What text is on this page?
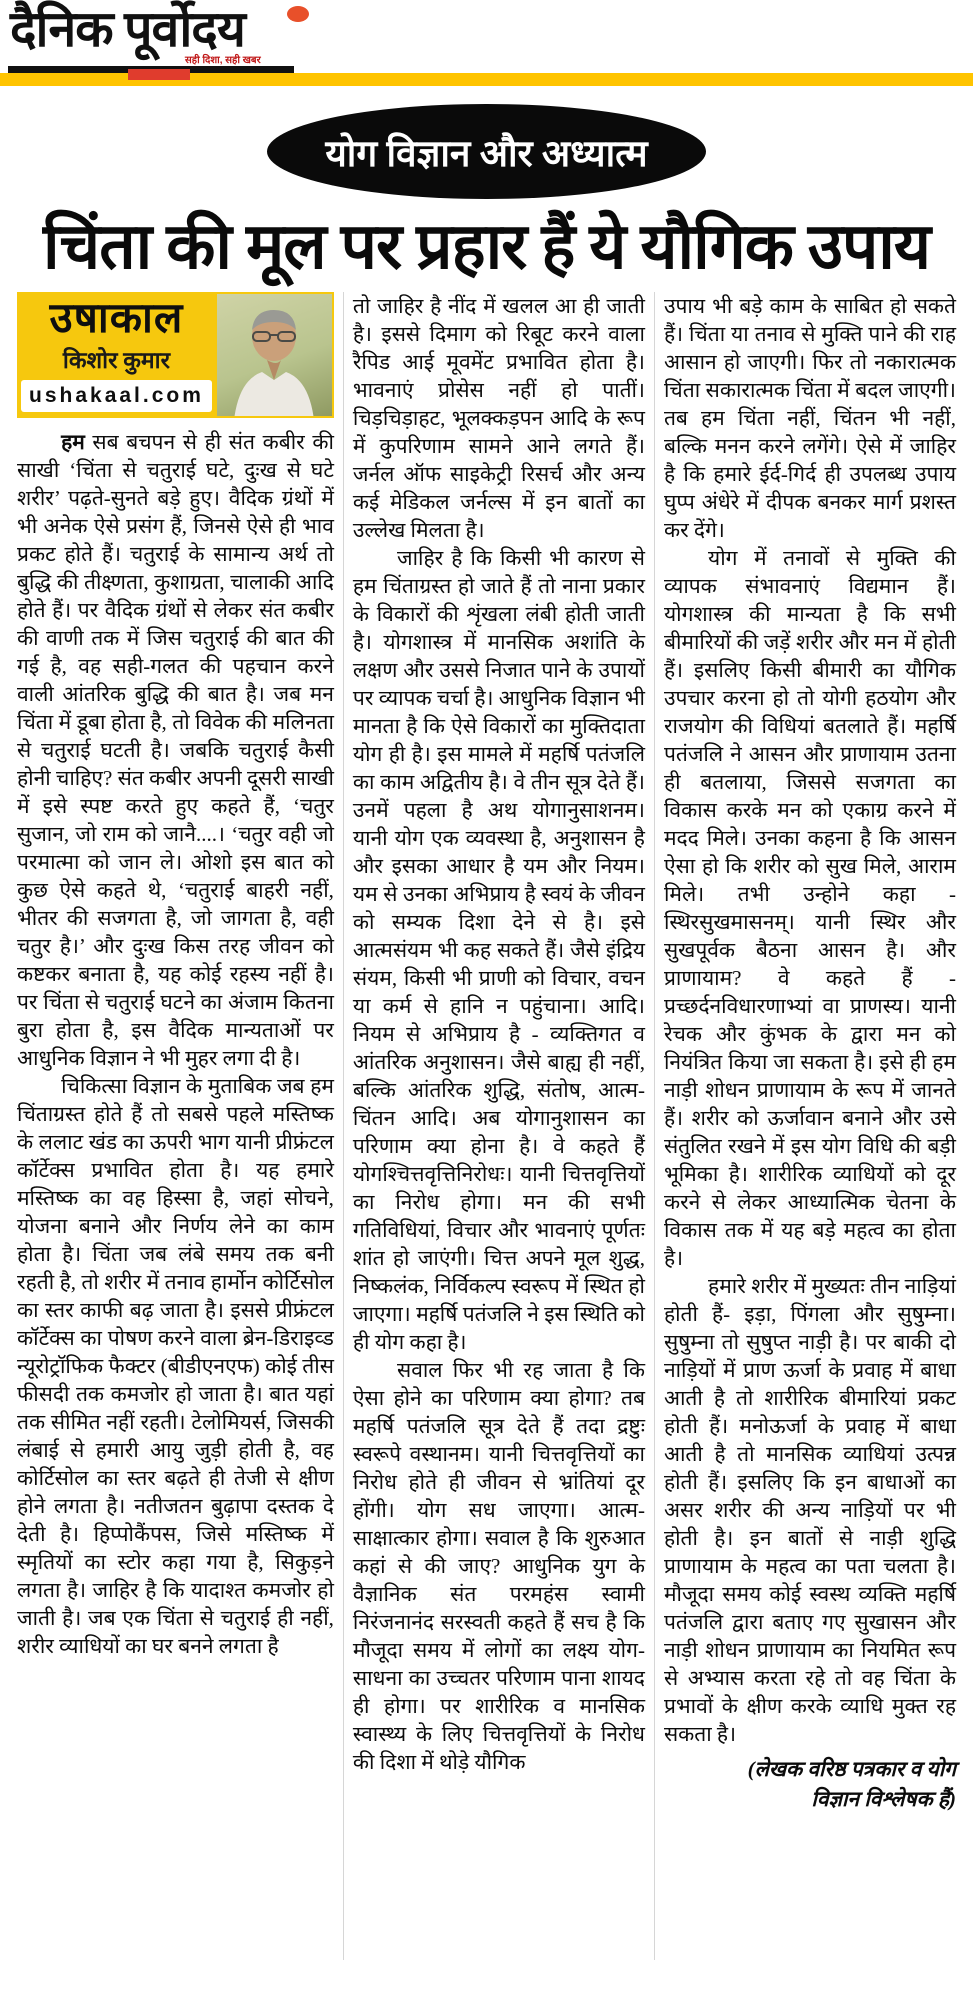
दैनिक पूर्वोदय
सही दिशा, सही खबर
योग विज्ञान और अध्यात्म
चिंता की मूल पर प्रहार हैं ये यौगिक उपाय
उषाकाल
किशोर कुमार
ushakaal.com

हम सब बचपन से ही संत कबीर की साखी ‘चिंता से चतुराई घटे, दुःख से घटे शरीर’ पढ़ते-सुनते बड़े हुए। वैदिक ग्रंथों में भी अनेक ऐसे प्रसंग हैं, जिनसे ऐसे ही भाव प्रकट होते हैं। चतुराई के सामान्य अर्थ तो बुद्धि की तीक्ष्णता, कुशाग्रता, चालाकी आदि होते हैं। पर वैदिक ग्रंथों से लेकर संत कबीर की वाणी तक में जिस चतुराई की बात की गई है, वह सही-गलत की पहचान करने वाली आंतरिक बुद्धि की बात है। जब मन चिंता में डूबा होता है, तो विवेक की मलिनता से चतुराई घटती है। जबकि चतुराई कैसी होनी चाहिए? संत कबीर अपनी दूसरी साखी में इसे स्पष्ट करते हुए कहते हैं, ‘चतुर सुजान, जो राम को जानै....। ‘चतुर वही जो परमात्मा को जान ले। ओशो इस बात को कुछ ऐसे कहते थे, ‘चतुराई बाहरी नहीं, भीतर की सजगता है, जो जागता है, वही चतुर है।’ और दुःख किस तरह जीवन को कष्टकर बनाता है, यह कोई रहस्य नहीं है। पर चिंता से चतुराई घटने का अंजाम कितना बुरा होता है, इस वैदिक मान्यताओं पर आधुनिक विज्ञान ने भी मुहर लगा दी है।

चिकित्सा विज्ञान के मुताबिक जब हम चिंताग्रस्त होते हैं तो सबसे पहले मस्तिष्क के ललाट खंड का ऊपरी भाग यानी प्रीफ्रंटल कॉर्टेक्स प्रभावित होता है। यह हमारे मस्तिष्क का वह हिस्सा है, जहां सोचने, योजना बनाने और निर्णय लेने का काम होता है। चिंता जब लंबे समय तक बनी रहती है, तो शरीर में तनाव हार्मोन कोर्टिसोल का स्तर काफी बढ़ जाता है। इससे प्रीफ्रंटल कॉर्टेक्स का पोषण करने वाला ब्रेन-डिराइव्ड न्यूरोट्रॉफिक फैक्टर (बीडीएनएफ) कोई तीस फीसदी तक कमजोर हो जाता है। बात यहां तक सीमित नहीं रहती। टेलोमियर्स, जिसकी लंबाई से हमारी आयु जुड़ी होती है, वह कोर्टिसोल का स्तर बढ़ते ही तेजी से क्षीण होने लगता है। नतीजतन बुढ़ापा दस्तक दे देती है। हिप्पोकैंपस, जिसे मस्तिष्क में स्मृतियों का स्टोर कहा गया है, सिकुड़ने लगता है। जाहिर है कि यादाश्त कमजोर हो जाती है। जब एक चिंता से चतुराई ही नहीं, शरीर व्याधियों का घर बनने लगता है

तो जाहिर है नींद में खलल आ ही जाती है। इससे दिमाग को रिबूट करने वाला रैपिड आई मूवमेंट प्रभावित होता है। भावनाएं प्रोसेस नहीं हो पातीं। चिड़चिड़ाहट, भूलक्कड़पन आदि के रूप में कुपरिणाम सामने आने लगते हैं। जर्नल ऑफ साइकेट्री रिसर्च और अन्य कई मेडिकल जर्नल्स में इन बातों का उल्लेख मिलता है।

जाहिर है कि किसी भी कारण से हम चिंताग्रस्त हो जाते हैं तो नाना प्रकार के विकारों की शृंखला लंबी होती जाती है। योगशास्त्र में मानसिक अशांति के लक्षण और उससे निजात पाने के उपायों पर व्यापक चर्चा है। आधुनिक विज्ञान भी मानता है कि ऐसे विकारों का मुक्तिदाता योग ही है। इस मामले में महर्षि पतंजलि का काम अद्वितीय है। वे तीन सूत्र देते हैं। उनमें पहला है अथ योगानुसाशनम। यानी योग एक व्यवस्था है, अनुशासन है और इसका आधार है यम और नियम। यम से उनका अभिप्राय है स्वयं के जीवन को सम्यक दिशा देने से है। इसे आत्मसंयम भी कह सकते हैं। जैसे इंद्रिय संयम, किसी भी प्राणी को विचार, वचन या कर्म से हानि न पहुंचाना। आदि। नियम से अभिप्राय है - व्यक्तिगत व आंतरिक अनुशासन। जैसे बाह्य ही नहीं, बल्कि आंतरिक शुद्धि, संतोष, आत्म-चिंतन आदि। अब योगानुशासन का परिणाम क्या होना है। वे कहते हैं योगश्चित्तवृत्तिनिरोधः। यानी चित्तवृत्तियों का निरोध होगा। मन की सभी गतिविधियां, विचार और भावनाएं पूर्णतः शांत हो जाएंगी। चित्त अपने मूल शुद्ध, निष्कलंक, निर्विकल्प स्वरूप में स्थित हो जाएगा। महर्षि पतंजलि ने इस स्थिति को ही योग कहा है।

सवाल फिर भी रह जाता है कि ऐसा होने का परिणाम क्या होगा? तब महर्षि पतंजलि सूत्र देते हैं तदा द्रष्टुः स्वरूपे वस्थानम। यानी चित्तवृत्तियों का निरोध होते ही जीवन से भ्रांतियां दूर होंगी। योग सध जाएगा। आत्म-साक्षात्कार होगा। सवाल है कि शुरुआत कहां से की जाए? आधुनिक युग के वैज्ञानिक संत परमहंस स्वामी निरंजनानंद सरस्वती कहते हैं सच है कि मौजूदा समय में लोगों का लक्ष्य योग-साधना का उच्चतर परिणाम पाना शायद ही होगा। पर शारीरिक व मानसिक स्वास्थ्य के लिए चित्तवृत्तियों के निरोध की दिशा में थोड़े यौगिक

उपाय भी बड़े काम के साबित हो सकते हैं। चिंता या तनाव से मुक्ति पाने की राह आसान हो जाएगी। फिर तो नकारात्मक चिंता सकारात्मक चिंता में बदल जाएगी। तब हम चिंता नहीं, चिंतन भी नहीं, बल्कि मनन करने लगेंगे। ऐसे में जाहिर है कि हमारे ईर्द-गिर्द ही उपलब्ध उपाय घुप्प अंधेरे में दीपक बनकर मार्ग प्रशस्त कर देंगे।

योग में तनावों से मुक्ति की व्यापक संभावनाएं विद्यमान हैं। योगशास्त्र की मान्यता है कि सभी बीमारियों की जड़ें शरीर और मन में होती हैं। इसलिए किसी बीमारी का यौगिक उपचार करना हो तो योगी हठयोग और राजयोग की विधियां बतलाते हैं। महर्षि पतंजलि ने आसन और प्राणायाम उतना ही बतलाया, जिससे सजगता का विकास करके मन को एकाग्र करने में मदद मिले। उनका कहना है कि आसन ऐसा हो कि शरीर को सुख मिले, आराम मिले। तभी उन्होने कहा - स्थिरसुखमासनम्। यानी स्थिर और सुखपूर्वक बैठना आसन है। और प्राणायाम? वे कहते हैं - प्रच्छर्दनविधारणाभ्यां वा प्राणस्य। यानी रेचक और कुंभक के द्वारा मन को नियंत्रित किया जा सकता है। इसे ही हम नाड़ी शोधन प्राणायाम के रूप में जानते हैं। शरीर को ऊर्जावान बनाने और उसे संतुलित रखने में इस योग विधि की बड़ी भूमिका है। शारीरिक व्याधियों को दूर करने से लेकर आध्यात्मिक चेतना के विकास तक में यह बड़े महत्व का होता है।

हमारे शरीर में मुख्यतः तीन नाड़ियां होती हैं- इड़ा, पिंगला और सुषुम्ना। सुषुम्ना तो सुषुप्त नाड़ी है। पर बाकी दो नाड़ियों में प्राण ऊर्जा के प्रवाह में बाधा आती है तो शारीरिक बीमारियां प्रकट होती हैं। मनोऊर्जा के प्रवाह में बाधा आती है तो मानसिक व्याधियां उत्पन्न होती हैं। इसलिए कि इन बाधाओं का असर शरीर की अन्य नाड़ियों पर भी होती है। इन बातों से नाड़ी शुद्धि प्राणायाम के महत्व का पता चलता है। मौजूदा समय कोई स्वस्थ व्यक्ति महर्षि पतंजलि द्वारा बताए गए सुखासन और नाड़ी शोधन प्राणायाम का नियमित रूप से अभ्यास करता रहे तो वह चिंता के प्रभावों के क्षीण करके व्याधि मुक्त रह सकता है।

(लेखक वरिष्ठ पत्रकार व योग विज्ञान विश्लेषक हैं)
